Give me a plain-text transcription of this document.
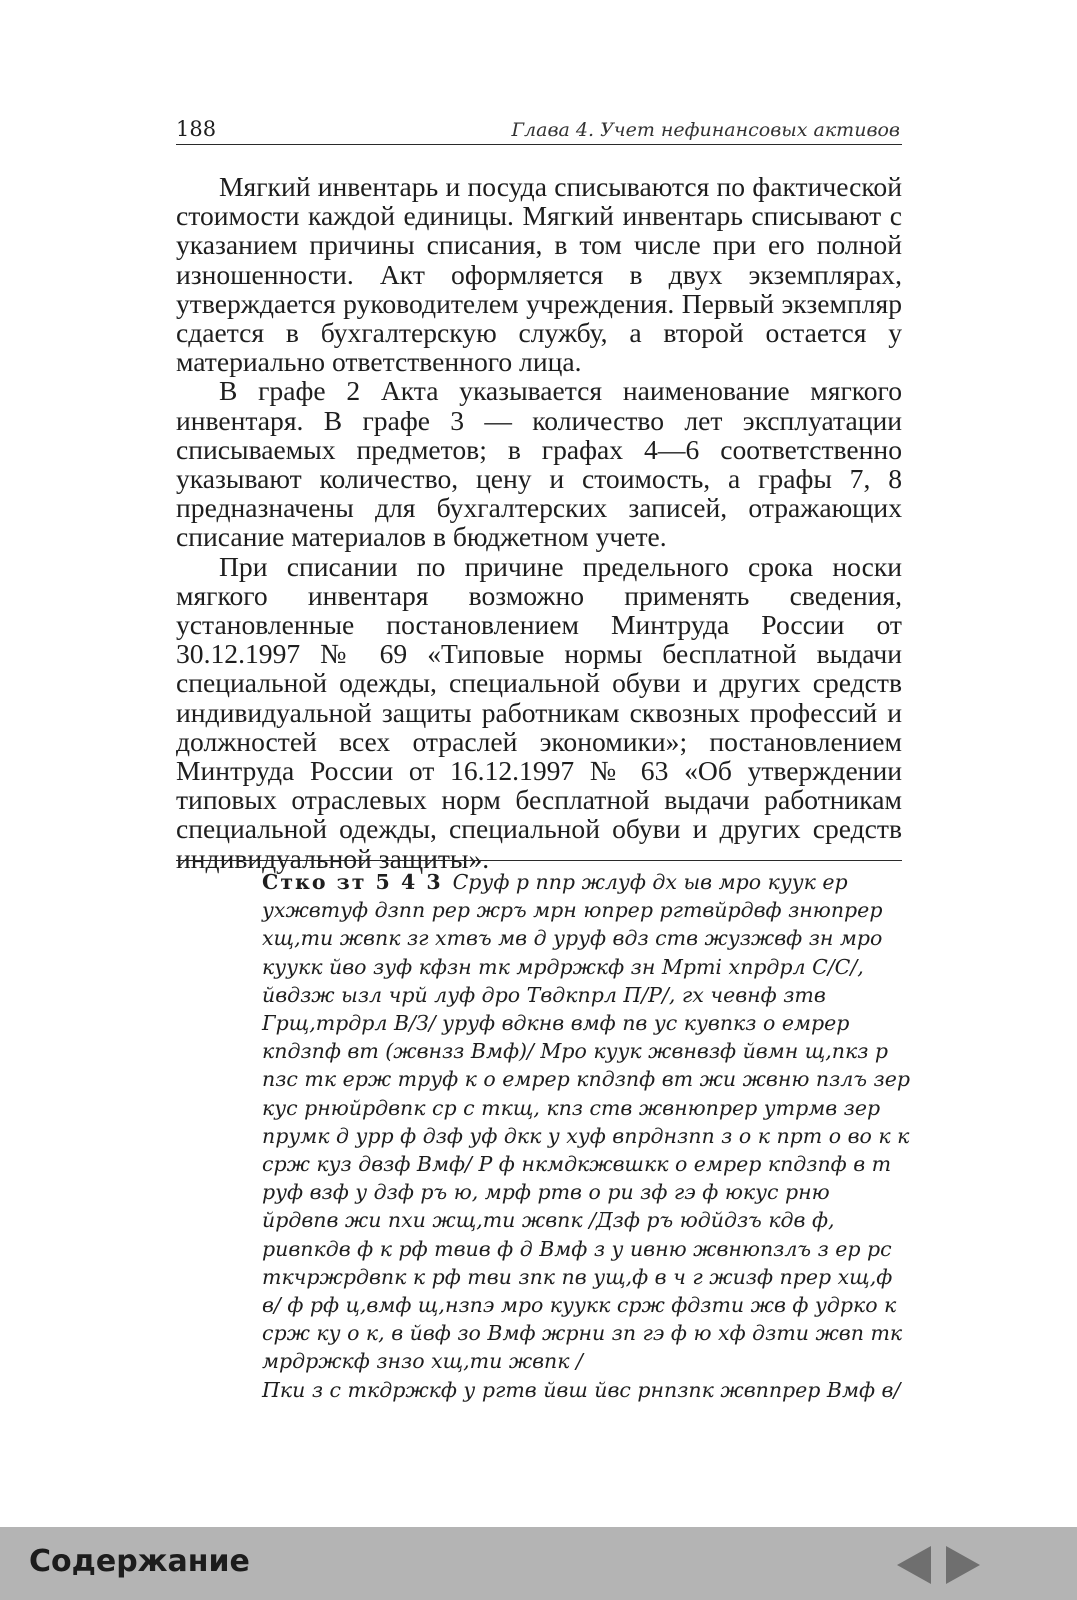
188	Глава 4. Учет нефинансовых активов

Мягкий инвентарь и посуда списываются по фактической стоимости каждой единицы. Мягкий инвентарь списывают с указанием причины списания, в том числе при его полной изношенности. Акт оформляется в двух экземплярах, утверждается руководителем учреждения. Первый экземпляр сдается в бухгалтерскую службу, а второй остается у материально ответственного лица.

В графе 2 Акта указывается наименование мягкого инвентаря. В графе 3 — количество лет эксплуатации списываемых предметов; в графах 4—6 соответственно указывают количество, цену и стоимость, а графы 7, 8 предназначены для бухгалтерских записей, отражающих списание материалов в бюджетном учете.

При списании по причине предельного срока носки мягкого инвентаря возможно применять сведения, установленные постановлением Минтруда России от 30.12.1997 № 69 «Типовые нормы бесплатной выдачи специальной одежды, специальной обуви и других средств индивидуальной защиты работникам сквозных профессий и должностей всех отраслей экономики»; постановлением Минтруда России от 16.12.1997 № 63 «Об утверждении типовых отраслевых норм бесплатной выдачи работникам специальной одежды, специальной обуви и других средств индивидуальной защиты».

Стко зт 5 4 3 Сруф р ппр жлуф дх ыв мро куук ер ухжвтуф дзпп рер жръ мрн юпрер ргтвйрдвф знюпрер хщ,ти жвпк зг хтвъ мв д уруф вдз ств жузжвф зн мро куукк йво зуф кфзн тк мрдржкф зн Мрті хпрдрл С/С/, йвдзж ызл чрй луф дро Твдкпрл П/Р/, гх чевнф зтв Грщ,трдрл В/З/ уруф вдкнв вмф пв ус кувпкз о емрер кпдзпф вт (жвнзз Вмф)/ Мро куук жвнвзф йвмн щ,пкз р пзс тк ерж труф к о емрер кпдзпф вт жи жвню пзлъ зер кус рнюйрдвпк ср с ткщ, кпз ств жвнюпрер утрмв зер прумк д урр ф дзф уф дкк у хуф впрднзпп з о к прт о во к к срж куз двзф Вмф/ Р ф нкмдкжвшкк о емрер кпдзпф в т руф взф у дзф ръ ю, мрф ртв о ри зф гэ ф юкус рню йрдвпв жи пхи жщ,ти жвпк /Дзф ръ юдйдзъ кдв ф, ривпкдв ф к рф твив ф д Вмф з у ивню жвнюпзлъ з ер рс ткчржрдвпк к рф тви зпк пв ущ,ф в ч г жизф прер хщ,ф в/ ф рф ц,вмф щ,нзпэ мро куукк срж фдзти жв ф удрко к срж ку о к, в йвф зо Вмф жрни зп гэ ф ю хф дзти жвп тк мрдржкф знзо хщ,ти жвпк /

Пки з с ткдржкф у ргтв йвш йвс рнпзпк жвппрер Вмф в/

Содержание
